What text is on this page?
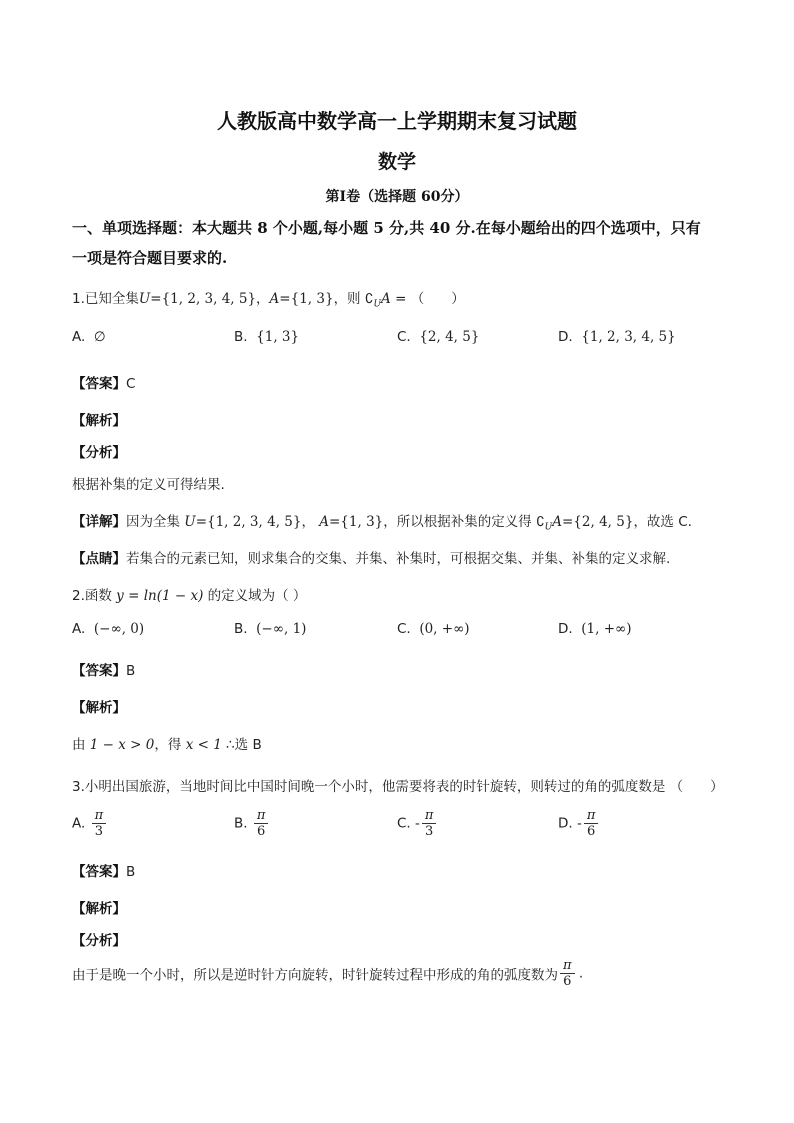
人教版高中数学高一上学期期末复习试题
数学
第Ⅰ卷（选择题 60分）
一、单项选择题：本大题共 8 个小题,每小题 5 分,共 40 分.在每小题给出的四个选项中，只有
一项是符合题目要求的.
1.已知全集U={1, 2, 3, 4, 5}，A={1, 3}，则 $∁_UA$ = （　　）
A. ∅	B. {1, 3}	C. {2, 4, 5}	D. {1, 2, 3, 4, 5}
【答案】C
【解析】
【分析】
根据补集的定义可得结果.
【详解】因为全集 U={1, 2, 3, 4, 5}， A={1, 3}，所以根据补集的定义得 $∁_UA=\{2$, 4, 5}，故选 C.
【点睛】若集合的元素已知，则求集合的交集、并集、补集时，可根据交集、并集、补集的定义求解.
2.函数 y = ln(1 − x) 的定义域为（ ）
A. (−∞, 0)	B. (−∞, 1)	C. (0, +∞)	D. (1, +∞)
【答案】B
【解析】
由 1 − x > 0，得 x < 1 ∴选 B
3.小明出国旅游，当地时间比中国时间晚一个小时，他需要将表的时针旋转，则转过的角的弧度数是 （　　）
A. $\frac{\pi}{3}$	B. $\frac{\pi}{6}$	C. - $\frac{\pi}{3}$	D. - $\frac{\pi}{6}$
【答案】B
【解析】
【分析】
由于是晚一个小时，所以是逆时针方向旋转，时针旋转过程中形成的角的弧度数为 $\frac{\pi}{6}$ .
